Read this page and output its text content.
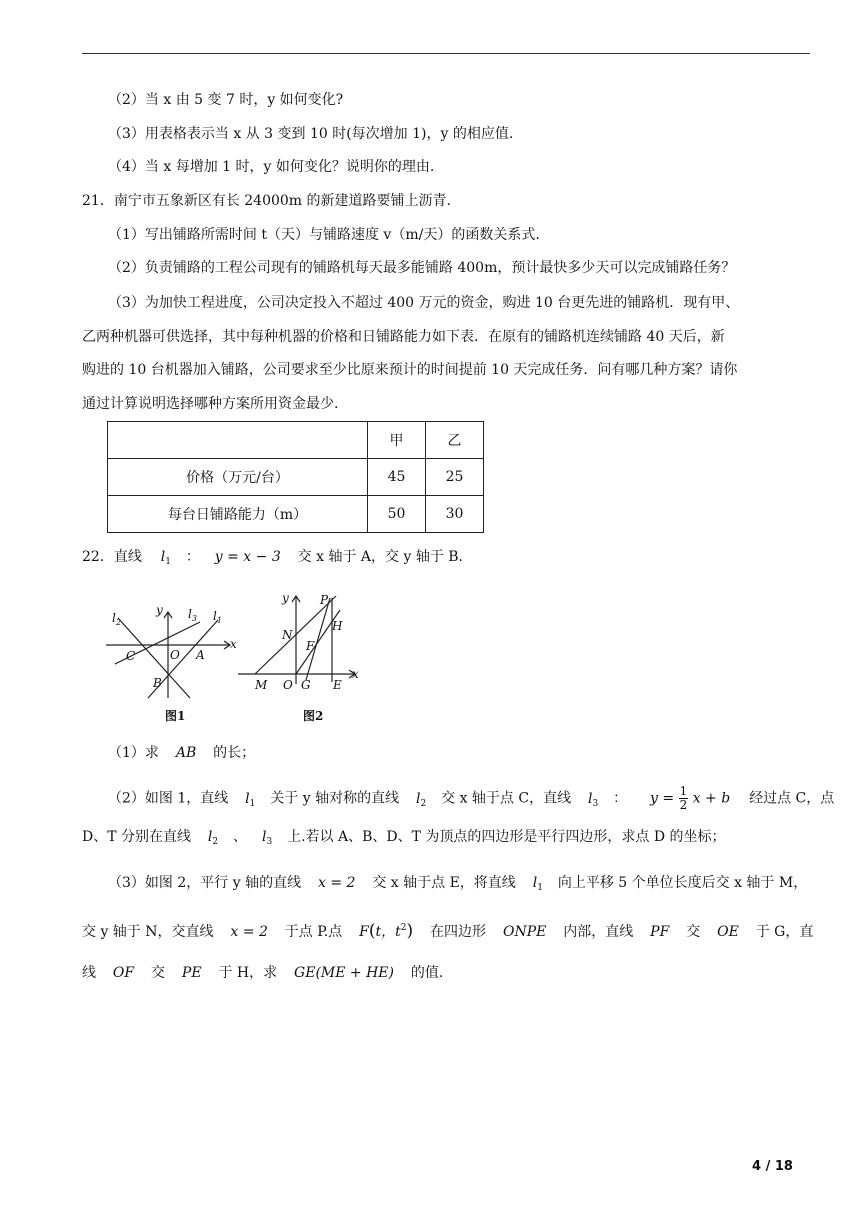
（2）当 x 由 5 变 7 时，y 如何变化?
（3）用表格表示当 x 从 3 变到 10 时(每次增加 1)，y 的相应值.
（4）当 x 每增加 1 时，y 如何变化？说明你的理由.
21．南宁市五象新区有长 24000m 的新建道路要铺上沥青.
（1）写出铺路所需时间 t（天）与铺路速度 v（m/天）的函数关系式.
（2）负责铺路的工程公司现有的铺路机每天最多能铺路 400m，预计最快多少天可以完成铺路任务？
（3）为加快工程进度，公司决定投入不超过 400 万元的资金，购进 10 台更先进的铺路机．现有甲、
乙两种机器可供选择，其中每种机器的价格和日铺路能力如下表．在原有的铺路机连续铺路 40 天后，新
购进的 10 台机器加入铺路，公司要求至少比原来预计的时间提前 10 天完成任务．问有哪几种方案？请你
通过计算说明选择哪种方案所用资金最少.
	甲	乙
价格（万元/台）	45	25
每台日铺路能力（m）	50	30
22．直线 $l_1$ ： y = x − 3 交 x 轴于 A，交 y 轴于 B.
$l_2$
y $l_3$ $l_1$
x
C	O A
B
图1
y	P
H
N
F
M O G E
x
图2
（1）求 AB 的长；
（2）如图 1，直线 $l_1$ 关于 y 轴对称的直线 $l_2$ 交 x 轴于点 C，直线 $l_3$ ： $y = \frac{1}{2}$ x + b 经过点 C，点
D、T 分别在直线 $l_2$ 、 $l_3$ 上.若以 A、B、D、T 为顶点的四边形是平行四边形，求点 D 的坐标；
（3）如图 2，平行 y 轴的直线 x = 2 交 x 轴于点 E，将直线 $l_1$ 向上平移 5 个单位长度后交 x 轴于 M，
交 y 轴于 N，交直线 x = 2 于点 P.点 F(t，$t^2$) 在四边形 ONPE 内部，直线 PF 交 OE 于 G，直
线 OF 交 PE 于 H，求 GE(ME + HE) 的值.
4 / 18
